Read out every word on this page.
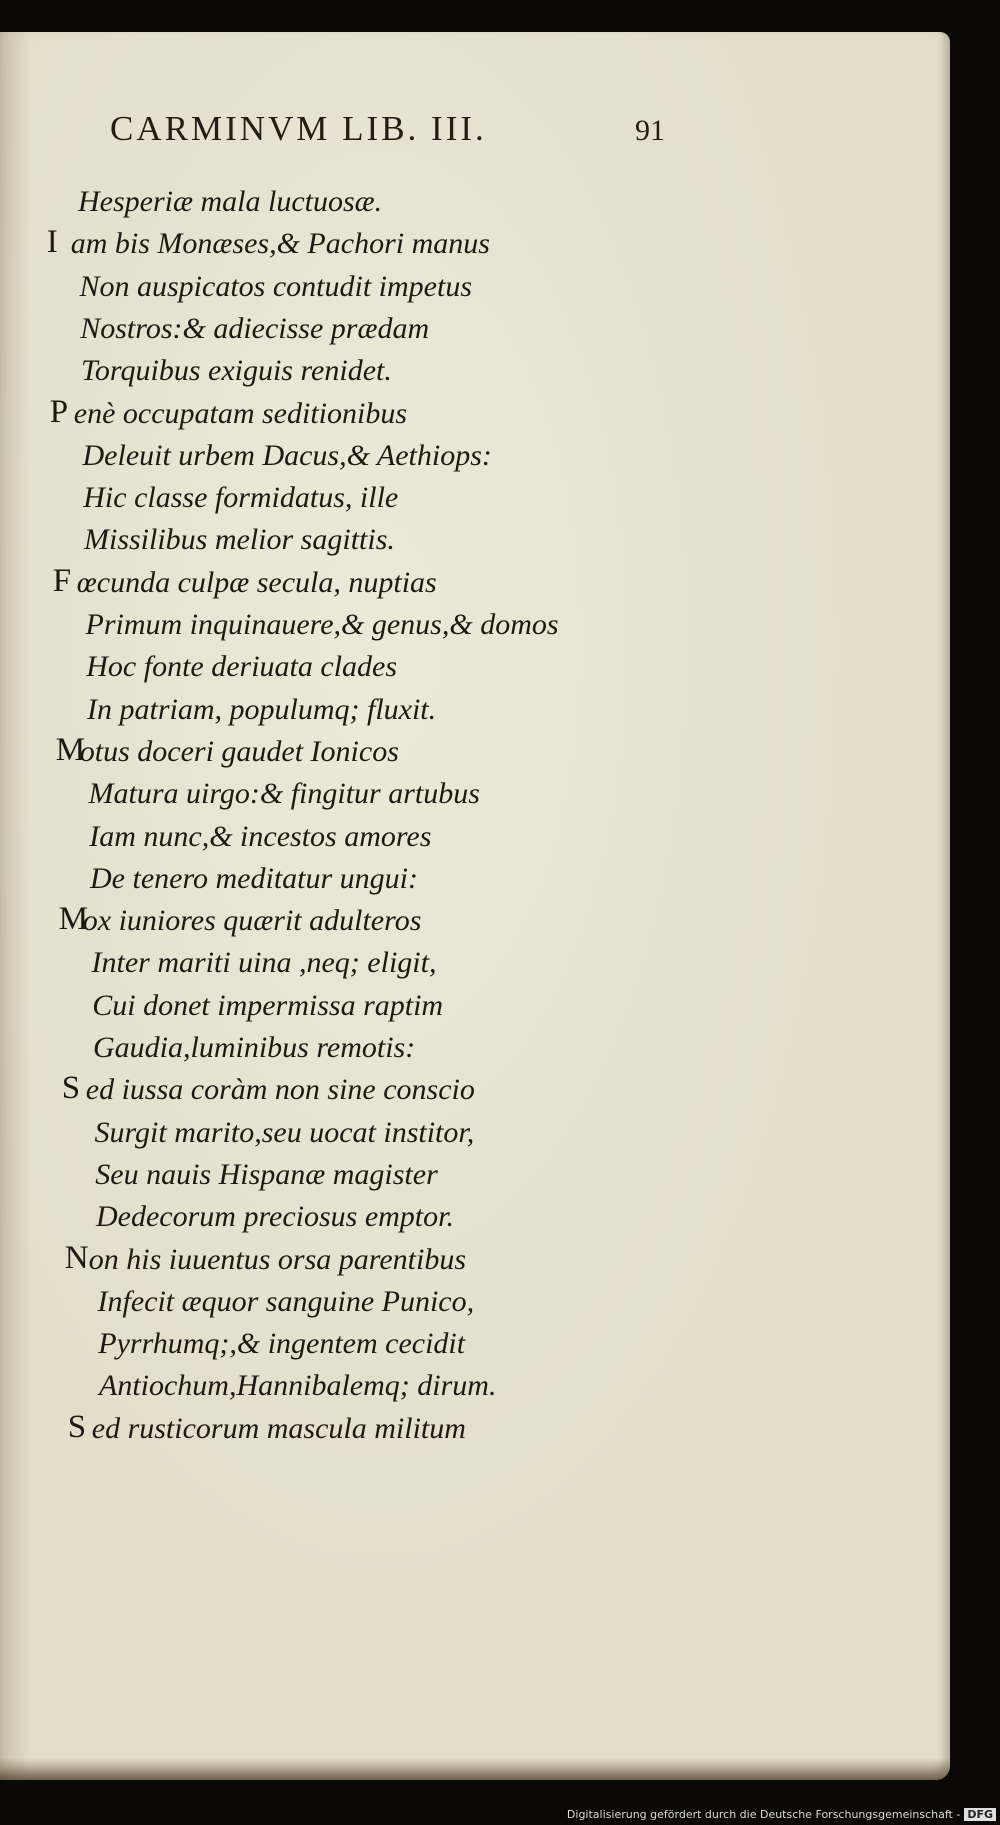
CARMINVM LIB. III.	91
Hesperiæ mala luctuosæ.
I am bis Monæses,& Pachori manus
Non auspicatos contudit impetus
Nostros:& adiecisse prædam
Torquibus exiguis renidet.
P enè occupatam seditionibus
Deleuit urbem Dacus,& Aethiops:
Hic classe formidatus, ille
Missilibus melior sagittis.
F œcunda culpæ secula, nuptias
Primum inquinauere,& genus,& domos
Hoc fonte deriuata clades
In patriam, populumq; fluxit.
M
otus doceri gaudet Ionicos
Matura uirgo:& fingitur artubus
Iam nunc,& incestos amores
De tenero meditatur ungui:
M
ox iuniores quærit adulteros
Inter mariti uina ,neq; eligit,
Cui donet impermissa raptim
Gaudia,luminibus remotis:
S ed iussa coràm non sine conscio
Surgit marito,seu uocat institor,
Seu nauis Hispanæ magister
Dedecorum preciosus emptor.
N on his iuuentus orsa parentibus
Infecit æquor sanguine Punico,
Pyrrhumq;,& ingentem cecidit
Antiochum,Hannibalemq; dirum.
S ed rusticorum mascula militum
Digitalisierung gefördert durch die Deutsche Forschungsgemeinschaft - DFG
